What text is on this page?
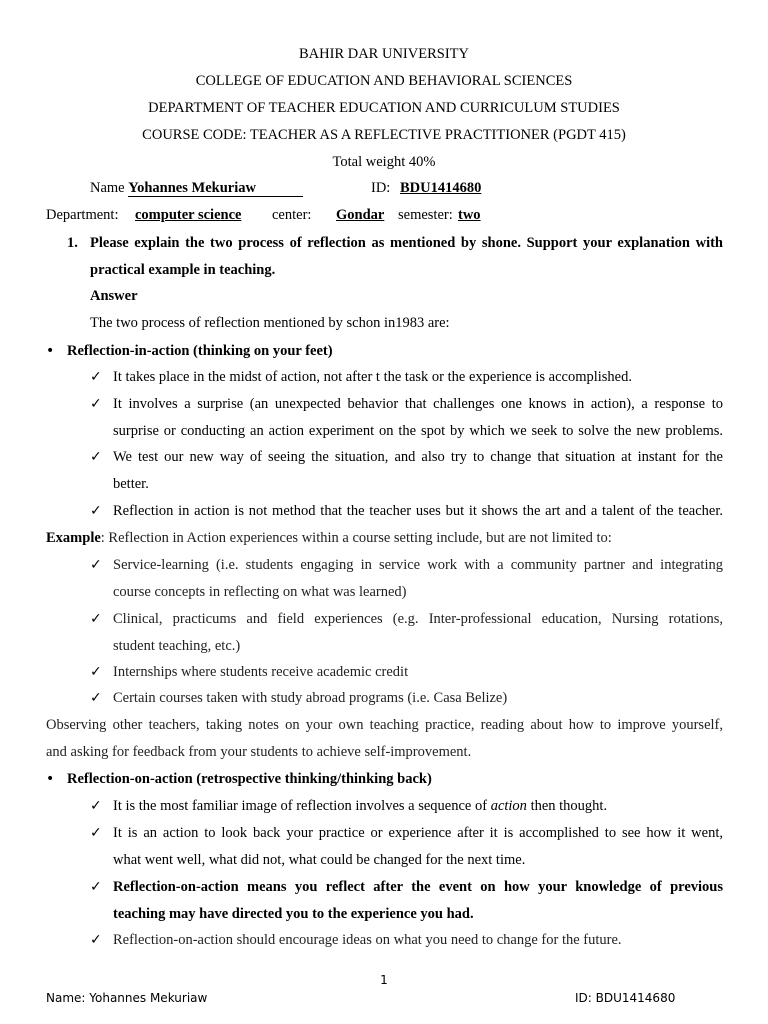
BAHIR DAR UNIVERSITY
COLLEGE OF EDUCATION AND BEHAVIORAL SCIENCES
DEPARTMENT OF TEACHER EDUCATION AND CURRICULUM STUDIES
COURSE CODE: TEACHER AS A REFLECTIVE PRACTITIONER (PGDT 415)
Total weight 40%
Name Yohannes Mekuriaw	ID: BDU1414680
Department: computer science center: Gondar semester: two
1. Please explain the two process of reflection as mentioned by shone. Support your explanation with
practical example in teaching.
Answer
The two process of reflection mentioned by schon in1983 are:
• Reflection-in-action (thinking on your feet)
✓ It takes place in the midst of action, not after t the task or the experience is accomplished.
✓ It involves a surprise (an unexpected behavior that challenges one knows in action), a response to
surprise or conducting an action experiment on the spot by which we seek to solve the new problems.
✓ We test our new way of seeing the situation, and also try to change that situation at instant for the
better.
✓ Reflection in action is not method that the teacher uses but it shows the art and a talent of the teacher.
Example: Reflection in Action experiences within a course setting include, but are not limited to:
✓ Service-learning (i.e. students engaging in service work with a community partner and integrating
course concepts in reflecting on what was learned)
✓ Clinical, practicums and field experiences (e.g. Inter-professional education, Nursing rotations,
student teaching, etc.)
✓ Internships where students receive academic credit
✓ Certain courses taken with study abroad programs (i.e. Casa Belize)
Observing other teachers, taking notes on your own teaching practice, reading about how to improve yourself,
and asking for feedback from your students to achieve self-improvement.
• Reflection-on-action (retrospective thinking/thinking back)
✓ It is the most familiar image of reflection involves a sequence of action then thought.
✓ It is an action to look back your practice or experience after it is accomplished to see how it went,
what went well, what did not, what could be changed for the next time.
✓ Reflection-on-action means you reflect after the event on how your knowledge of previous
teaching may have directed you to the experience you had.
✓ Reflection-on-action should encourage ideas on what you need to change for the future.
1
Name: Yohannes Mekuriaw	ID: BDU1414680
